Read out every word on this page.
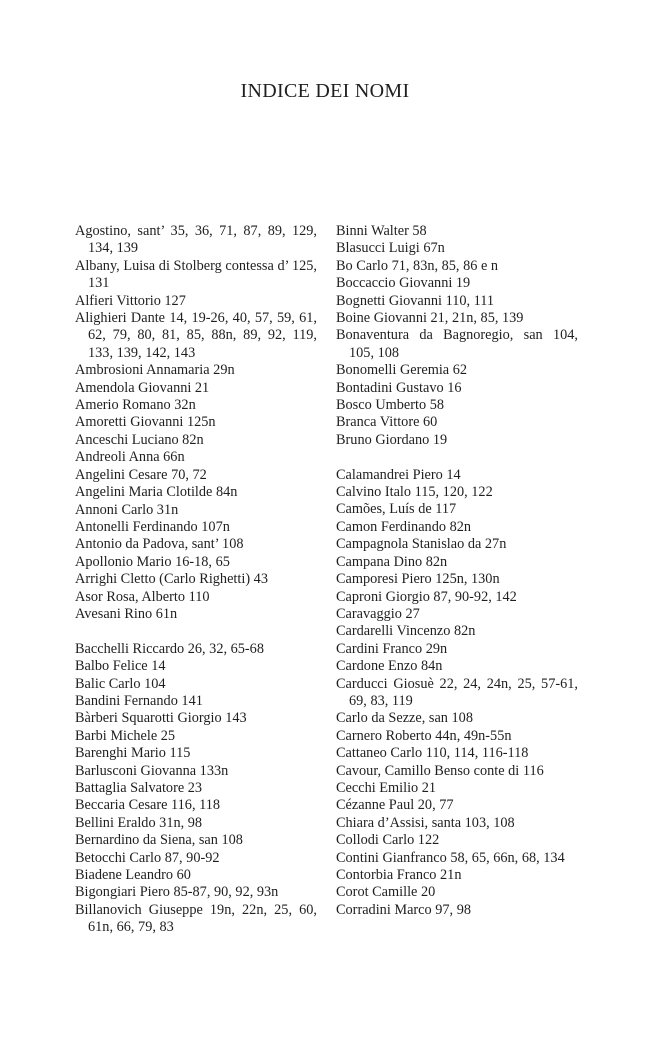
INDICE DEI NOMI
Agostino, sant’ 35, 36, 71, 87, 89, 129, 134, 139
Albany, Luisa di Stolberg contessa d’ 125, 131
Alfieri Vittorio 127
Alighieri Dante 14, 19-26, 40, 57, 59, 61, 62, 79, 80, 81, 85, 88n, 89, 92, 119, 133, 139, 142, 143
Ambrosioni Annamaria 29n
Amendola Giovanni 21
Amerio Romano 32n
Amoretti Giovanni 125n
Anceschi Luciano 82n
Andreoli Anna 66n
Angelini Cesare 70, 72
Angelini Maria Clotilde 84n
Annoni Carlo 31n
Antonelli Ferdinando 107n
Antonio da Padova, sant’ 108
Apollonio Mario 16-18, 65
Arrighi Cletto (Carlo Righetti) 43
Asor Rosa, Alberto 110
Avesani Rino 61n
Bacchelli Riccardo 26, 32, 65-68
Balbo Felice 14
Balic Carlo 104
Bandini Fernando 141
Bàrberi Squarotti Giorgio 143
Barbi Michele 25
Barenghi Mario 115
Barlusconi Giovanna 133n
Battaglia Salvatore 23
Beccaria Cesare 116, 118
Bellini Eraldo 31n, 98
Bernardino da Siena, san 108
Betocchi Carlo 87, 90-92
Biadene Leandro 60
Bigongiari Piero 85-87, 90, 92, 93n
Billanovich Giuseppe 19n, 22n, 25, 60, 61n, 66, 79, 83
Binni Walter 58
Blasucci Luigi 67n
Bo Carlo 71, 83n, 85, 86 e n
Boccaccio Giovanni 19
Bognetti Giovanni 110, 111
Boine Giovanni 21, 21n, 85, 139
Bonaventura da Bagnoregio, san 104, 105, 108
Bonomelli Geremia 62
Bontadini Gustavo 16
Bosco Umberto 58
Branca Vittore 60
Bruno Giordano 19
Calamandrei Piero 14
Calvino Italo 115, 120, 122
Camões, Luís de 117
Camon Ferdinando 82n
Campagnola Stanislao da 27n
Campana Dino 82n
Camporesi Piero 125n, 130n
Caproni Giorgio 87, 90-92, 142
Caravaggio 27
Cardarelli Vincenzo 82n
Cardini Franco 29n
Cardone Enzo 84n
Carducci Giosuè 22, 24, 24n, 25, 57-61, 69, 83, 119
Carlo da Sezze, san 108
Carnero Roberto 44n, 49n-55n
Cattaneo Carlo 110, 114, 116-118
Cavour, Camillo Benso conte di 116
Cecchi Emilio 21
Cézanne Paul 20, 77
Chiara d’Assisi, santa 103, 108
Collodi Carlo 122
Contini Gianfranco 58, 65, 66n, 68, 134
Contorbia Franco 21n
Corot Camille 20
Corradini Marco 97, 98
